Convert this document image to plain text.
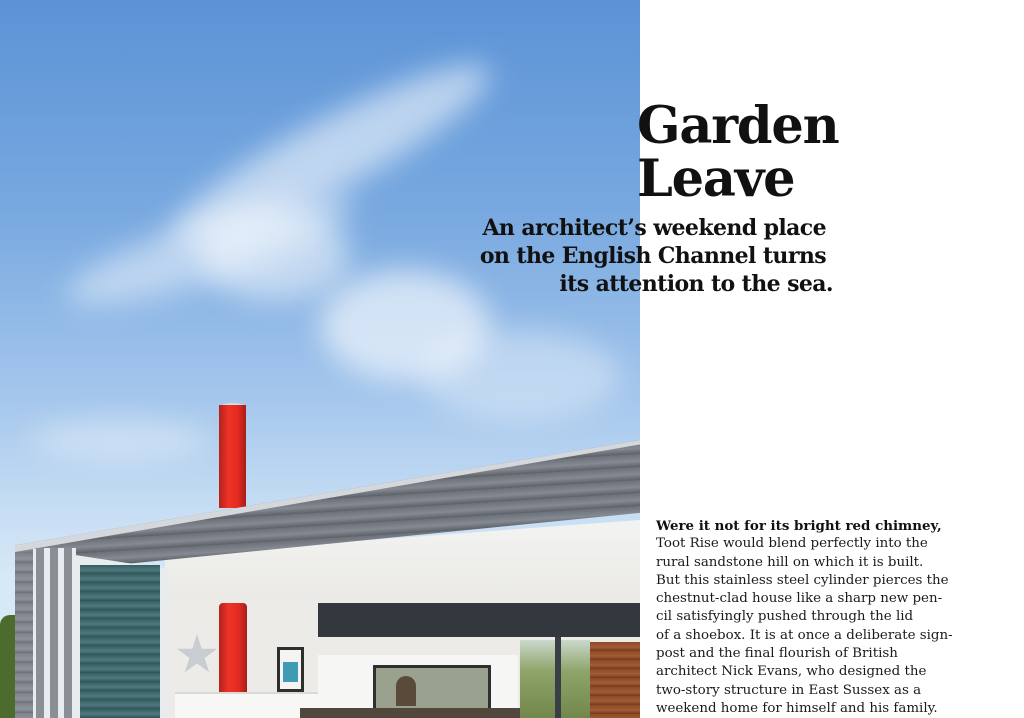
Garden
Leave
An architect’s weekend place
on the English Channel turns
its attention to the sea.
Were it not for its bright red chimney,
Toot Rise would blend perfectly into the
rural sandstone hill on which it is built.
But this stainless steel cylinder pierces the
chestnut-clad house like a sharp new pen-
cil satisfyingly pushed through the lid
of a shoebox. It is at once a deliberate sign-
post and the final flourish of British
architect Nick Evans, who designed the
two-story structure in East Sussex as a
weekend home for himself and his family.
